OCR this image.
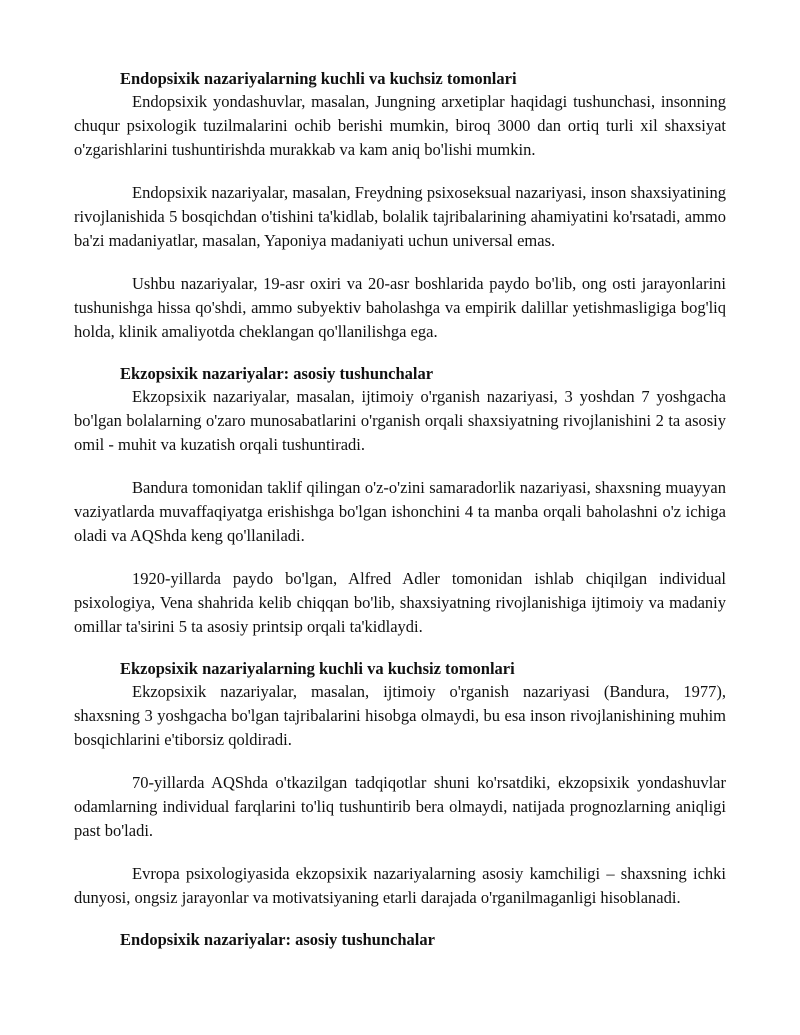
Endopsixik nazariyalarning kuchli va kuchsiz tomonlari

Endopsixik yondashuvlar, masalan, Jungning arxetiplar haqidagi tushunchasi, insonning chuqur psixologik tuzilmalarini ochib berishi mumkin, biroq 3000 dan ortiq turli xil shaxsiyat o'zgarishlarini tushuntirishda murakkab va kam aniq bo'lishi mumkin.

Endopsixik nazariyalar, masalan, Freydning psixoseksual nazariyasi, inson shaxsiyatining rivojlanishida 5 bosqichdan o'tishini ta'kidlab, bolalik tajribalarining ahamiyatini ko'rsatadi, ammo ba'zi madaniyatlar, masalan, Yaponiya madaniyati uchun universal emas.

Ushbu nazariyalar, 19-asr oxiri va 20-asr boshlarida paydo bo'lib, ong osti jarayonlarini tushunishga hissa qo'shdi, ammo subyektiv baholashga va empirik dalillar yetishmasligiga bog'liq holda, klinik amaliyotda cheklangan qo'llanilishga ega.

Ekzopsixik nazariyalar: asosiy tushunchalar

Ekzopsixik nazariyalar, masalan, ijtimoiy o'rganish nazariyasi, 3 yoshdan 7 yoshgacha bo'lgan bolalarning o'zaro munosabatlarini o'rganish orqali shaxsiyatning rivojlanishini 2 ta asosiy omil - muhit va kuzatish orqali tushuntiradi.

Bandura tomonidan taklif qilingan o'z-o'zini samaradorlik nazariyasi, shaxsning muayyan vaziyatlarda muvaffaqiyatga erishishga bo'lgan ishonchini 4 ta manba orqali baholashni o'z ichiga oladi va AQShda keng qo'llaniladi.

1920-yillarda paydo bo'lgan, Alfred Adler tomonidan ishlab chiqilgan individual psixologiya, Vena shahrida kelib chiqqan bo'lib, shaxsiyatning rivojlanishiga ijtimoiy va madaniy omillar ta'sirini 5 ta asosiy printsip orqali ta'kidlaydi.

Ekzopsixik nazariyalarning kuchli va kuchsiz tomonlari

Ekzopsixik nazariyalar, masalan, ijtimoiy o'rganish nazariyasi (Bandura, 1977), shaxsning 3 yoshgacha bo'lgan tajribalarini hisobga olmaydi, bu esa inson rivojlanishining muhim bosqichlarini e'tiborsiz qoldiradi.

70-yillarda AQShda o'tkazilgan tadqiqotlar shuni ko'rsatdiki, ekzopsixik yondashuvlar odamlarning individual farqlarini to'liq tushuntirib bera olmaydi, natijada prognozlarning aniqligi past bo'ladi.

Evropa psixologiyasida ekzopsixik nazariyalarning asosiy kamchiligi – shaxsning ichki dunyosi, ongsiz jarayonlar va motivatsiyaning etarli darajada o'rganilmaganligi hisoblanadi.

Endopsixik nazariyalar: asosiy tushunchalar
